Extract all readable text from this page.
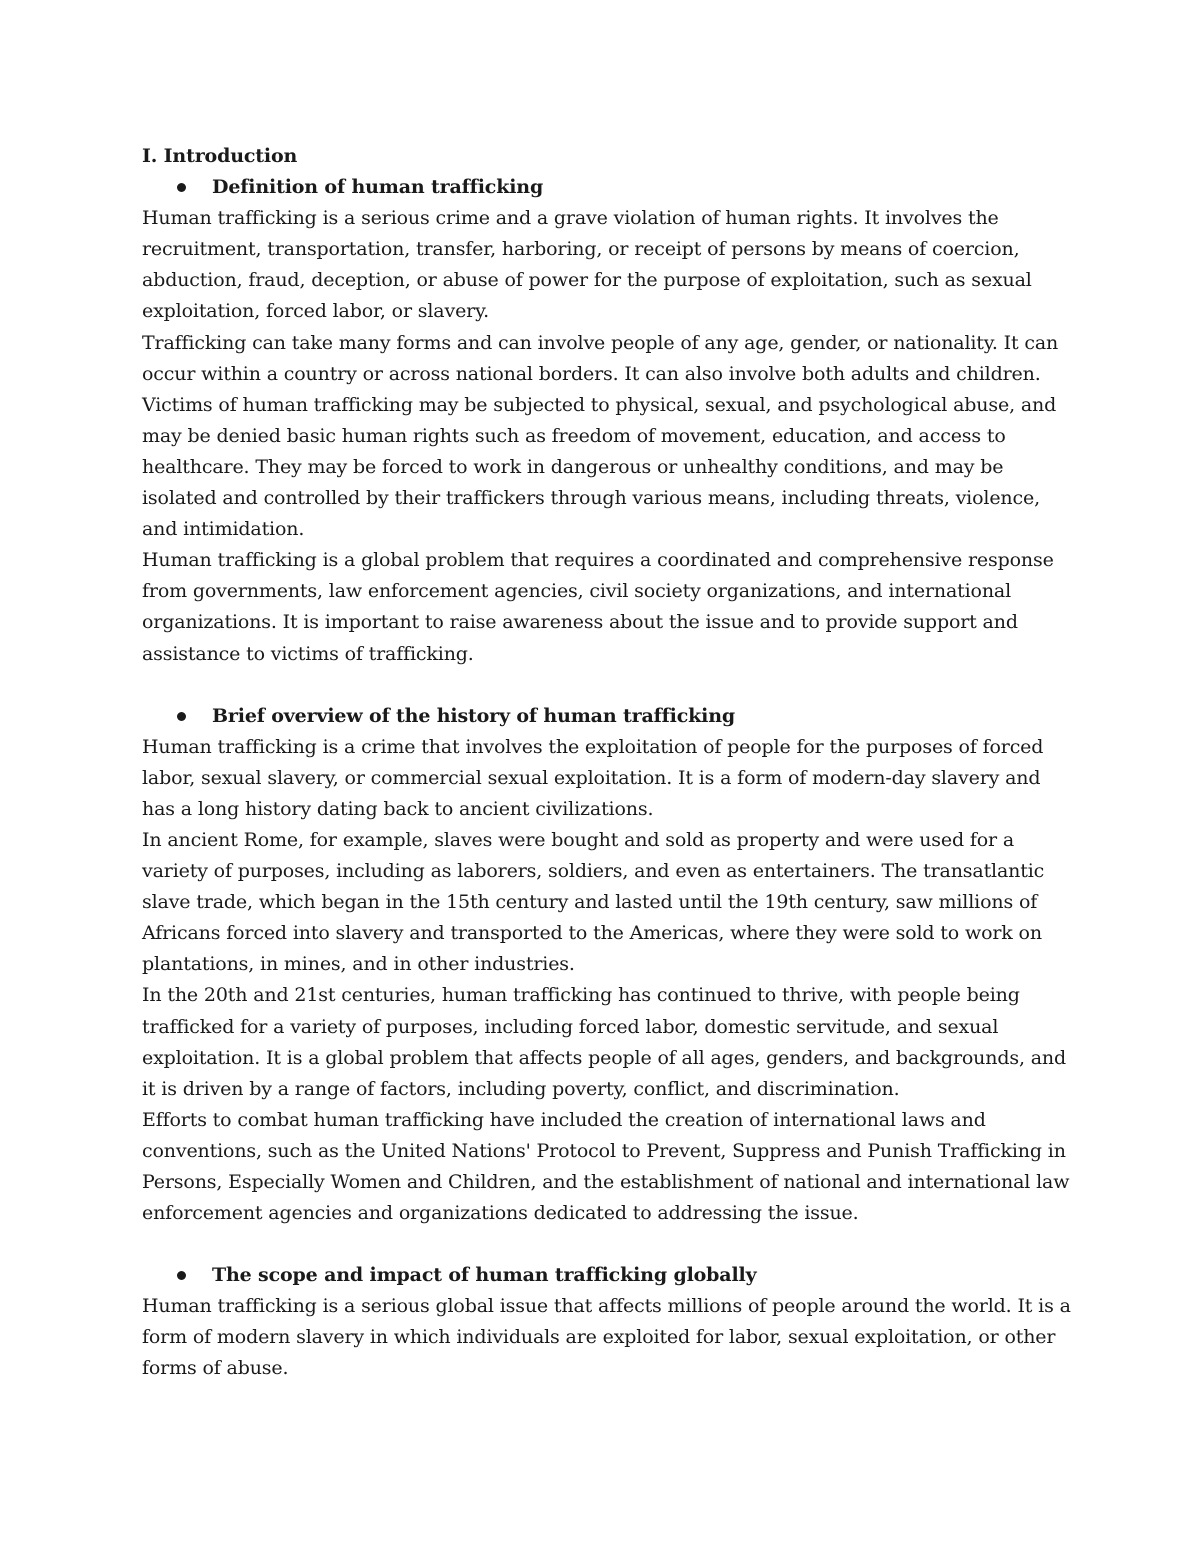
I. Introduction

Definition of human trafficking

Human trafficking is a serious crime and a grave violation of human rights. It involves the recruitment, transportation, transfer, harboring, or receipt of persons by means of coercion, abduction, fraud, deception, or abuse of power for the purpose of exploitation, such as sexual exploitation, forced labor, or slavery.

Trafficking can take many forms and can involve people of any age, gender, or nationality. It can occur within a country or across national borders. It can also involve both adults and children. Victims of human trafficking may be subjected to physical, sexual, and psychological abuse, and may be denied basic human rights such as freedom of movement, education, and access to healthcare. They may be forced to work in dangerous or unhealthy conditions, and may be isolated and controlled by their traffickers through various means, including threats, violence, and intimidation.

Human trafficking is a global problem that requires a coordinated and comprehensive response from governments, law enforcement agencies, civil society organizations, and international organizations. It is important to raise awareness about the issue and to provide support and assistance to victims of trafficking.

Brief overview of the history of human trafficking

Human trafficking is a crime that involves the exploitation of people for the purposes of forced labor, sexual slavery, or commercial sexual exploitation. It is a form of modern-day slavery and has a long history dating back to ancient civilizations.

In ancient Rome, for example, slaves were bought and sold as property and were used for a variety of purposes, including as laborers, soldiers, and even as entertainers. The transatlantic slave trade, which began in the 15th century and lasted until the 19th century, saw millions of Africans forced into slavery and transported to the Americas, where they were sold to work on plantations, in mines, and in other industries.

In the 20th and 21st centuries, human trafficking has continued to thrive, with people being trafficked for a variety of purposes, including forced labor, domestic servitude, and sexual exploitation. It is a global problem that affects people of all ages, genders, and backgrounds, and it is driven by a range of factors, including poverty, conflict, and discrimination.

Efforts to combat human trafficking have included the creation of international laws and conventions, such as the United Nations' Protocol to Prevent, Suppress and Punish Trafficking in Persons, Especially Women and Children, and the establishment of national and international law enforcement agencies and organizations dedicated to addressing the issue.

The scope and impact of human trafficking globally

Human trafficking is a serious global issue that affects millions of people around the world. It is a form of modern slavery in which individuals are exploited for labor, sexual exploitation, or other forms of abuse.
